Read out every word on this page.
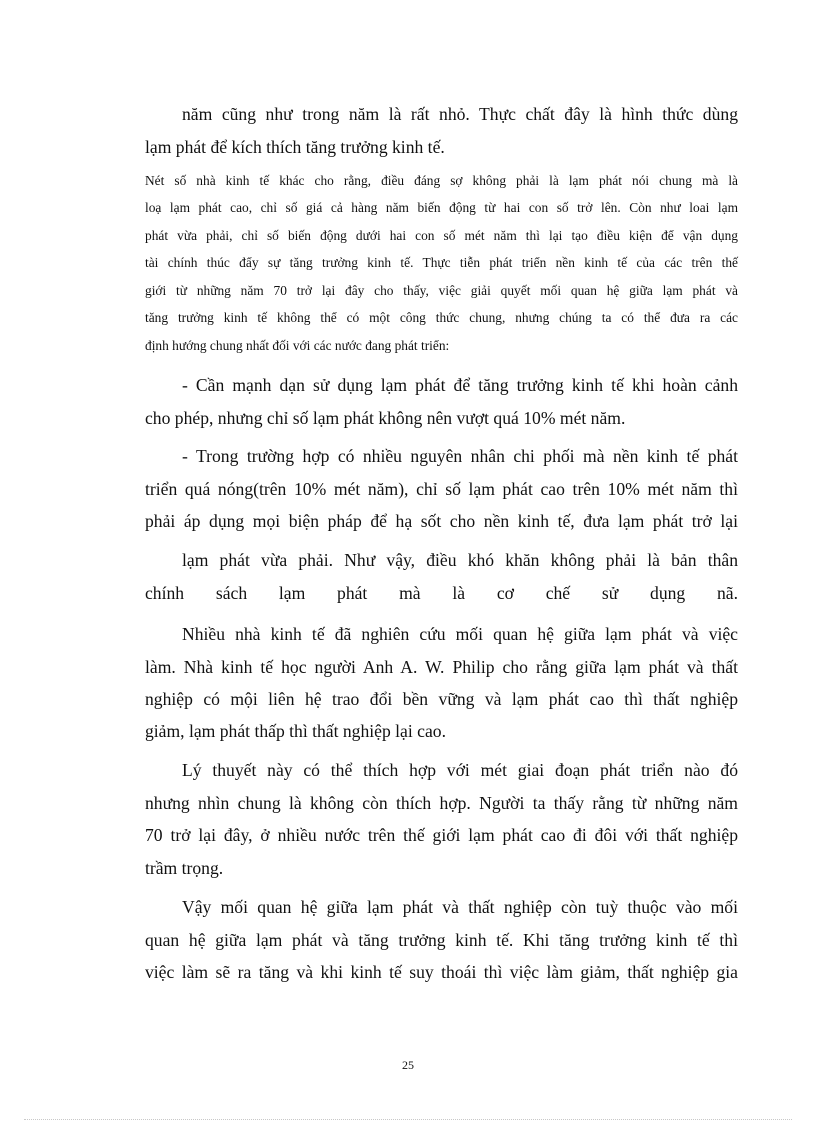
năm cũng như trong năm là rất nhỏ. Thực chất đây là hình thức dùng
lạm phát để kích thích tăng trưởng kinh tế.
Nét số nhà kinh tế khác cho rằng, điều đáng sợ không phải là lạm phát nói chung mà là
loạ lạm phát cao, chỉ số giá cả hàng năm biến động từ hai con số trở lên. Còn như loai lạm
phát vừa phải, chỉ số biến động dưới hai con số mét năm thì lại tạo điều kiện để vận dụng
tài chính thúc đẩy sự tăng trưởng kinh tế. Thực tiễn phát triển nền kinh tế của các trên thế
giới từ những năm 70 trở lại đây cho thấy, việc giải quyết mối quan hệ giữa lạm phát và
tăng trưởng kinh tế không thể có một công thức chung, nhưng chúng ta có thể đưa ra các
định hướng chung nhất đối với các nước đang phát triển:
- Cần mạnh dạn sử dụng lạm phát để tăng trưởng kinh tế khi hoàn cảnh
cho phép, nhưng chỉ số lạm phát không nên vượt quá 10% mét năm.
- Trong trường hợp có nhiều nguyên nhân chi phối mà nền kinh tế phát
triển quá nóng(trên 10% mét năm), chỉ số lạm phát cao trên 10% mét năm thì
phải áp dụng mọi biện pháp để hạ sốt cho nền kinh tế, đưa lạm phát trở lại
lạm phát vừa phải. Như vậy, điều khó khăn không phải là bản thân
chính sách lạm phát mà là cơ chế sử dụng nã.
Nhiều nhà kinh tế đã nghiên cứu mối quan hệ giữa lạm phát và việc
làm. Nhà kinh tế học người Anh A. W. Philip cho rằng giữa lạm phát và thất
nghiệp có mội liên hệ trao đổi bền vững và lạm phát cao thì thất nghiệp
giảm, lạm phát thấp thì thất nghiệp lại cao.
Lý thuyết này có thể thích hợp với mét giai đoạn phát triển nào đó
nhưng nhìn chung là không còn thích hợp. Người ta thấy rằng từ những năm
70 trở lại đây, ở nhiều nước trên thế giới lạm phát cao đi đôi với thất nghiệp
trầm trọng.
Vậy mối quan hệ giữa lạm phát và thất nghiệp còn tuỳ thuộc vào mối
quan hệ giữa lạm phát và tăng trưởng kinh tế. Khi tăng trưởng kinh tế thì
việc làm sẽ ra tăng và khi kinh tế suy thoái thì việc làm giảm, thất nghiệp gia
25
